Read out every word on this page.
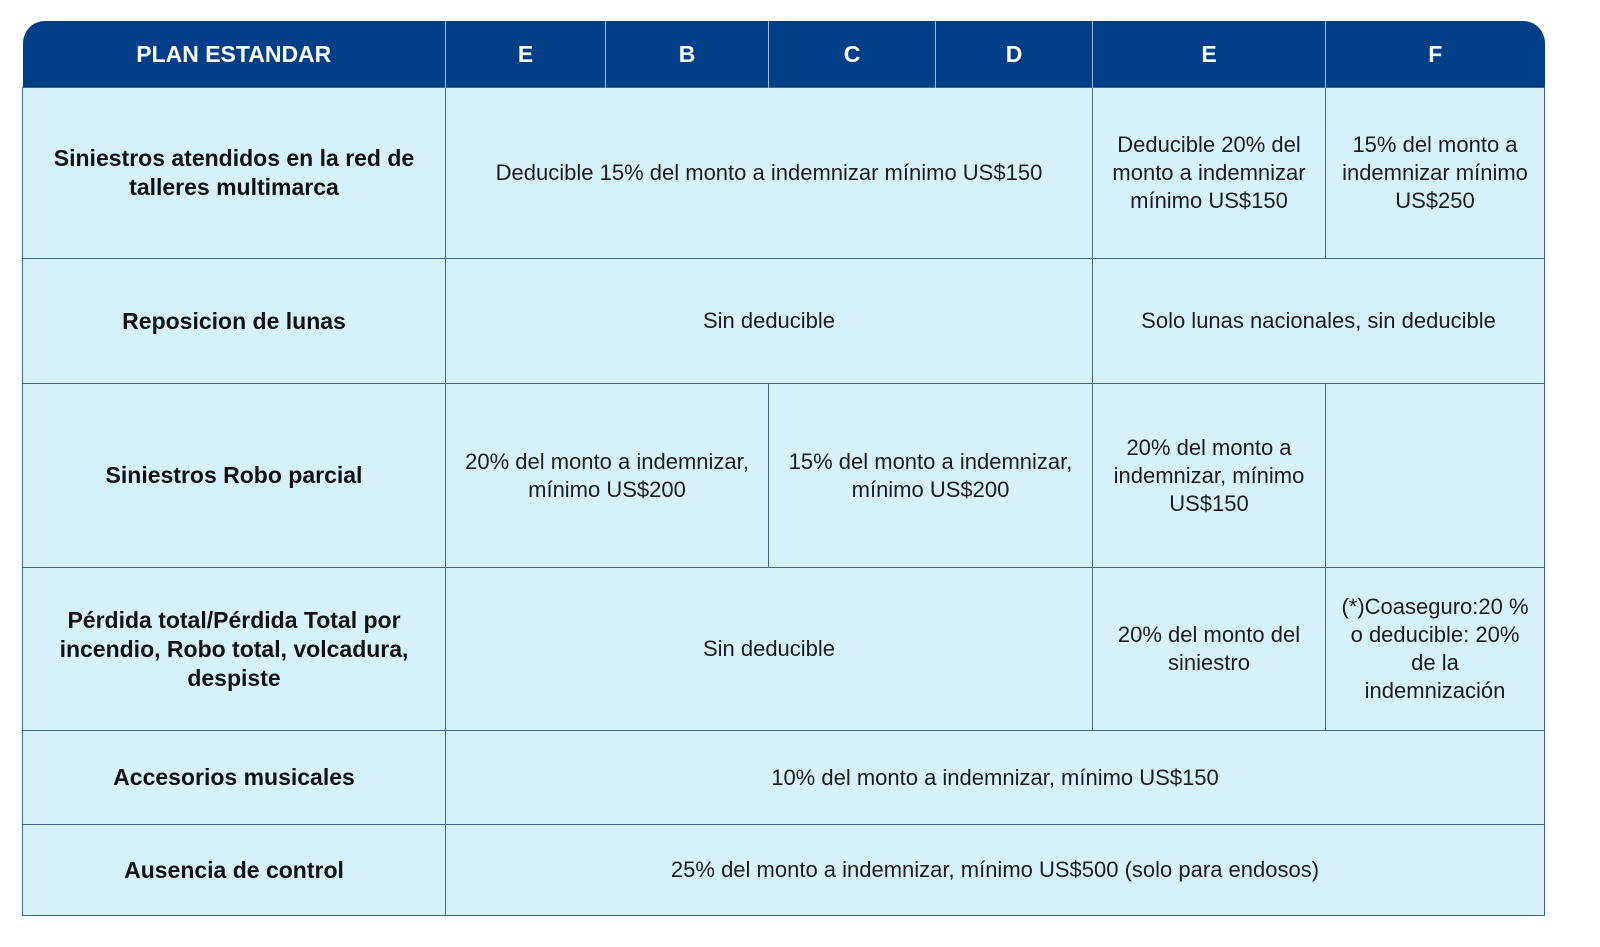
PLAN ESTANDAR	E	B	C	D	E	F
Siniestros atendidos en la red de talleres multimarca	Deducible 15% del monto a indemnizar mínimo US$150				Deducible 20% del monto a indemnizar mínimo US$150	15% del monto a indemnizar mínimo US$250
Reposicion de lunas	Sin deducible				Solo lunas nacionales, sin deducible	
Siniestros Robo parcial	20% del monto a indemnizar, mínimo US$200		15% del monto a indemnizar, mínimo US$200		20% del monto a indemnizar, mínimo US$150	
Pérdida total/Pérdida Total por incendio, Robo total, volcadura, despiste	Sin deducible				20% del monto del siniestro	(*)Coaseguro:20 % o deducible: 20% de la indemnización
Accesorios musicales	10% del monto a indemnizar, mínimo US$150					
Ausencia de control	25% del monto a indemnizar, mínimo US$500 (solo para endosos)					
